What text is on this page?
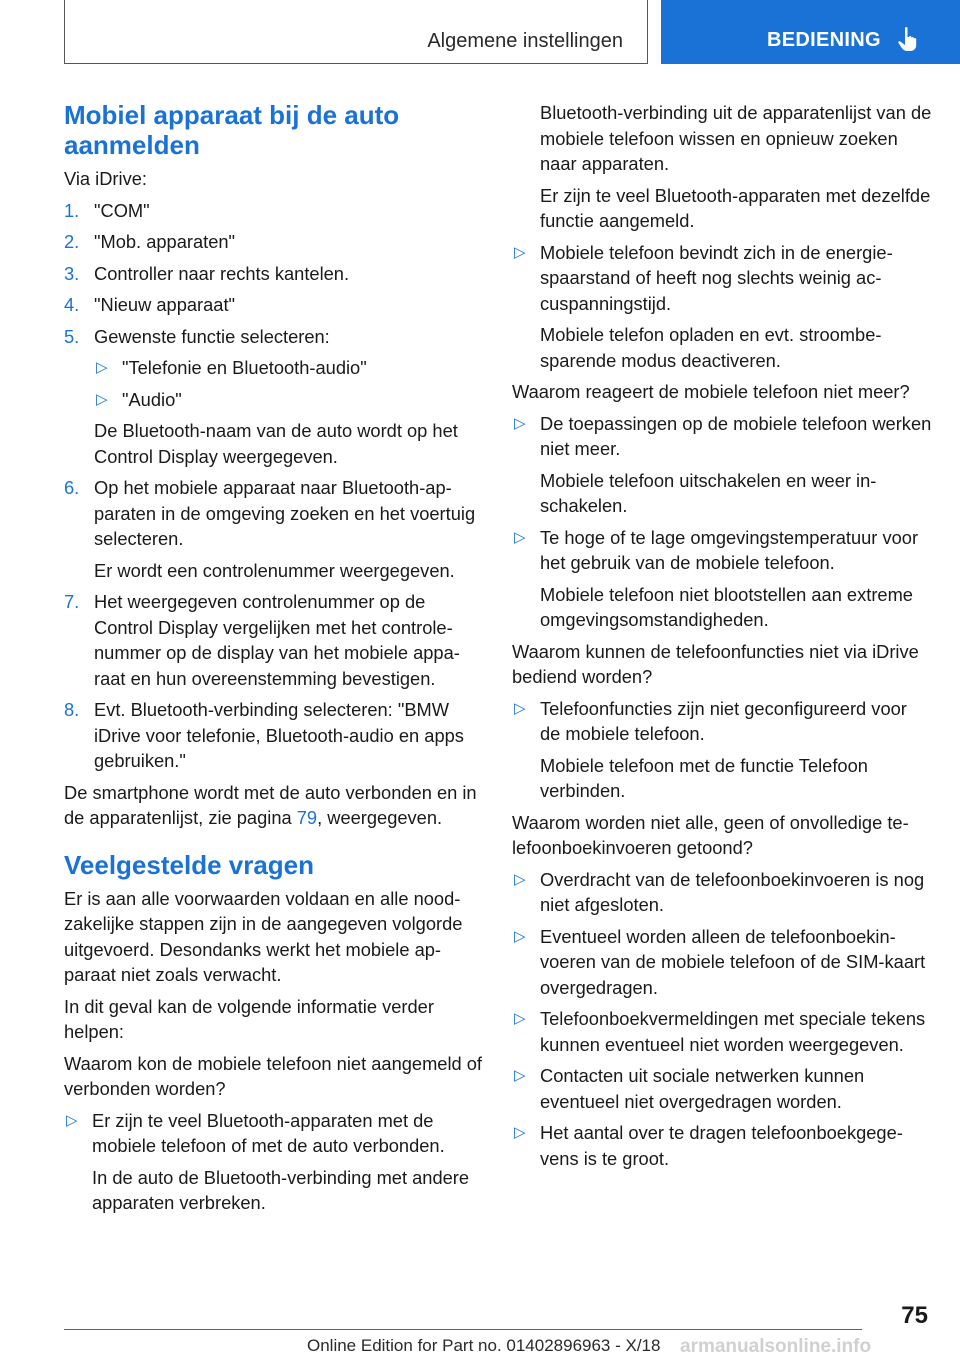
Algemene instellingen	BEDIENING
Mobiel apparaat bij de auto aanmelden

Via iDrive:

1. "COM"

2. "Mob. apparaten"

3. Controller naar rechts kantelen.

4. "Nieuw apparaat"

5. Gewenste functie selecteren:

▷ "Telefonie en Bluetooth-audio"

▷ "Audio"

De Bluetooth-naam van de auto wordt op het Control Display weergegeven.

6. Op het mobiele apparaat naar Bluetooth-apparaten in de omgeving zoeken en het voertuig selecteren.

Er wordt een controlenummer weergegeven.

7. Het weergegeven controlenummer op de Control Display vergelijken met het controlenummer op de display van het mobiele apparaat en hun overeenstemming bevestigen.

8. Evt. Bluetooth-verbinding selecteren: "BMW iDrive voor telefonie, Bluetooth-audio en apps gebruiken."

De smartphone wordt met de auto verbonden en in de apparatenlijst, zie pagina 79, weergegeven.

Veelgestelde vragen

Er is aan alle voorwaarden voldaan en alle noodzakelijke stappen zijn in de aangegeven volgorde uitgevoerd. Desondanks werkt het mobiele apparaat niet zoals verwacht.

In dit geval kan de volgende informatie verder helpen:

Waarom kon de mobiele telefoon niet aangemeld of verbonden worden?

▷ Er zijn te veel Bluetooth-apparaten met de mobiele telefoon of met de auto verbonden.

In de auto de Bluetooth-verbinding met andere apparaten verbreken.

Bluetooth-verbinding uit de apparatenlijst van de mobiele telefoon wissen en opnieuw zoeken naar apparaten.

Er zijn te veel Bluetooth-apparaten met dezelfde functie aangemeld.

▷ Mobiele telefoon bevindt zich in de energiespaarstand of heeft nog slechts weinig accuspanningstijd.

Mobiele telefon opladen en evt. stroombesparende modus deactiveren.

Waarom reageert de mobiele telefoon niet meer?

▷ De toepassingen op de mobiele telefoon werken niet meer.

Mobiele telefoon uitschakelen en weer inschakelen.

▷ Te hoge of te lage omgevingstemperatuur voor het gebruik van de mobiele telefoon.

Mobiele telefoon niet blootstellen aan extreme omgevingsomstandigheden.

Waarom kunnen de telefoonfuncties niet via iDrive bediend worden?

▷ Telefoonfuncties zijn niet geconfigureerd voor de mobiele telefoon.

Mobiele telefoon met de functie Telefoon verbinden.

Waarom worden niet alle, geen of onvolledige telefoonboekinvoeren getoond?

▷ Overdracht van de telefoonboekinvoeren is nog niet afgesloten.

▷ Eventueel worden alleen de telefoonboekinvoeren van de mobiele telefoon of de SIM-kaart overgedragen.

▷ Telefoonboekvermeldingen met speciale tekens kunnen eventueel niet worden weergegeven.

▷ Contacten uit sociale netwerken kunnen eventueel niet overgedragen worden.

▷ Het aantal over te dragen telefoonboekgegevens is te groot.

75
Online Edition for Part no. 01402896963 - X/18 armanualsonline.info
